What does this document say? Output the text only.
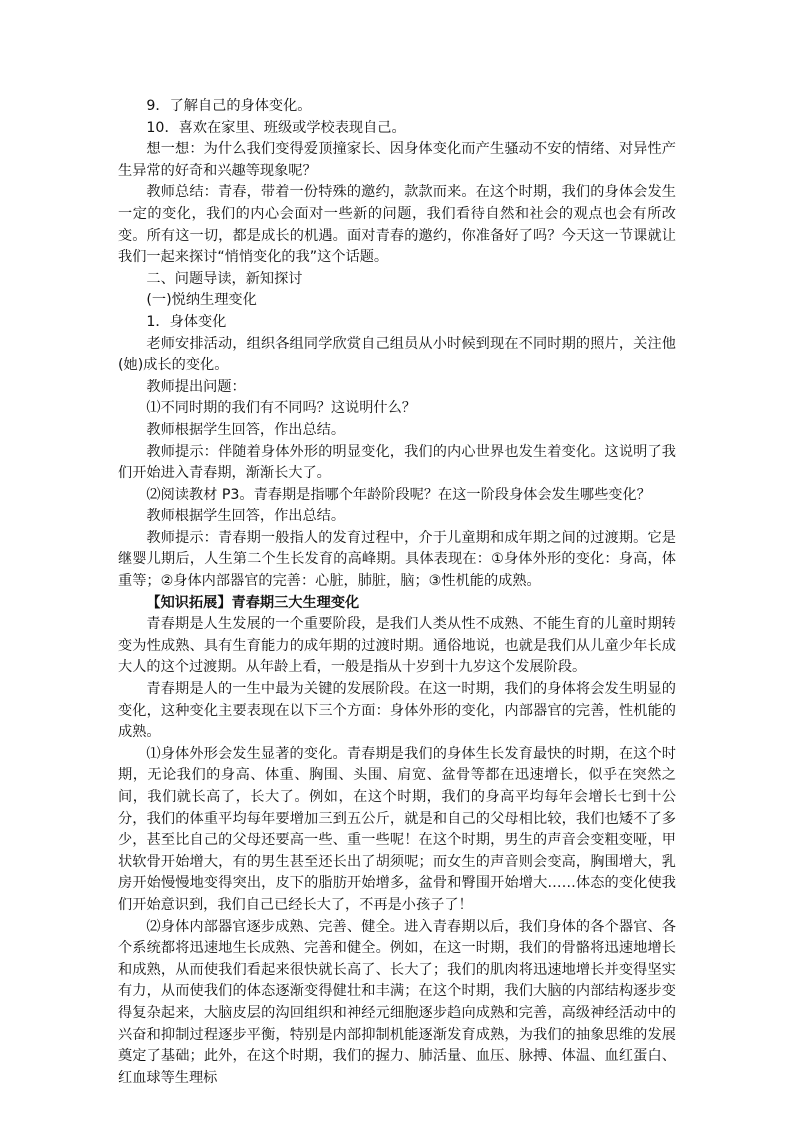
9．了解自己的身体变化。

10．喜欢在家里、班级或学校表现自己。

想一想：为什么我们变得爱顶撞家长、因身体变化而产生骚动不安的情绪、对异性产生异常的好奇和兴趣等现象呢？

教师总结：青春，带着一份特殊的邀约，款款而来。在这个时期，我们的身体会发生一定的变化，我们的内心会面对一些新的问题，我们看待自然和社会的观点也会有所改变。所有这一切，都是成长的机遇。面对青春的邀约，你准备好了吗？今天这一节课就让我们一起来探讨“悄悄变化的我”这个话题。

二、问题导读，新知探讨

(一)悦纳生理变化

1．身体变化

老师安排活动，组织各组同学欣赏自己组员从小时候到现在不同时期的照片，关注他(她)成长的变化。

教师提出问题：

⑴不同时期的我们有不同吗？这说明什么？

教师根据学生回答，作出总结。

教师提示：伴随着身体外形的明显变化，我们的内心世界也发生着变化。这说明了我们开始进入青春期，渐渐长大了。

⑵阅读教材 P3。青春期是指哪个年龄阶段呢？在这一阶段身体会发生哪些变化？

教师根据学生回答，作出总结。

教师提示：青春期一般指人的发育过程中，介于儿童期和成年期之间的过渡期。它是继婴儿期后，人生第二个生长发育的高峰期。具体表现在：①身体外形的变化：身高，体重等；②身体内部器官的完善：心脏，肺脏，脑；③性机能的成熟。

【知识拓展】青春期三大生理变化

青春期是人生发展的一个重要阶段，是我们人类从性不成熟、不能生育的儿童时期转变为性成熟、具有生育能力的成年期的过渡时期。通俗地说，也就是我们从儿童少年长成大人的这个过渡期。从年龄上看，一般是指从十岁到十九岁这个发展阶段。

青春期是人的一生中最为关键的发展阶段。在这一时期，我们的身体将会发生明显的变化，这种变化主要表现在以下三个方面：身体外形的变化，内部器官的完善，性机能的成熟。

⑴身体外形会发生显著的变化。青春期是我们的身体生长发育最快的时期，在这个时期，无论我们的身高、体重、胸围、头围、肩宽、盆骨等都在迅速增长，似乎在突然之间，我们就长高了，长大了。例如，在这个时期，我们的身高平均每年会增长七到十公分，我们的体重平均每年要增加三到五公斤，就是和自己的父母相比较，我们也矮不了多少，甚至比自己的父母还要高一些、重一些呢！在这个时期，男生的声音会变粗变哑，甲状软骨开始增大，有的男生甚至还长出了胡须呢；而女生的声音则会变高，胸围增大，乳房开始慢慢地变得突出，皮下的脂肪开始增多，盆骨和臀围开始增大……体态的变化使我们开始意识到，我们自己已经长大了，不再是小孩子了！

⑵身体内部器官逐步成熟、完善、健全。进入青春期以后，我们身体的各个器官、各个系统都将迅速地生长成熟、完善和健全。例如，在这一时期，我们的骨骼将迅速地增长和成熟，从而使我们看起来很快就长高了、长大了；我们的肌肉将迅速地增长并变得坚实有力，从而使我们的体态逐渐变得健壮和丰满；在这个时期，我们大脑的内部结构逐步变得复杂起来，大脑皮层的沟回组织和神经元细胞逐步趋向成熟和完善，高级神经活动中的兴奋和抑制过程逐步平衡，特别是内部抑制机能逐渐发育成熟，为我们的抽象思维的发展奠定了基础；此外，在这个时期，我们的握力、肺活量、血压、脉搏、体温、血红蛋白、红血球等生理标
